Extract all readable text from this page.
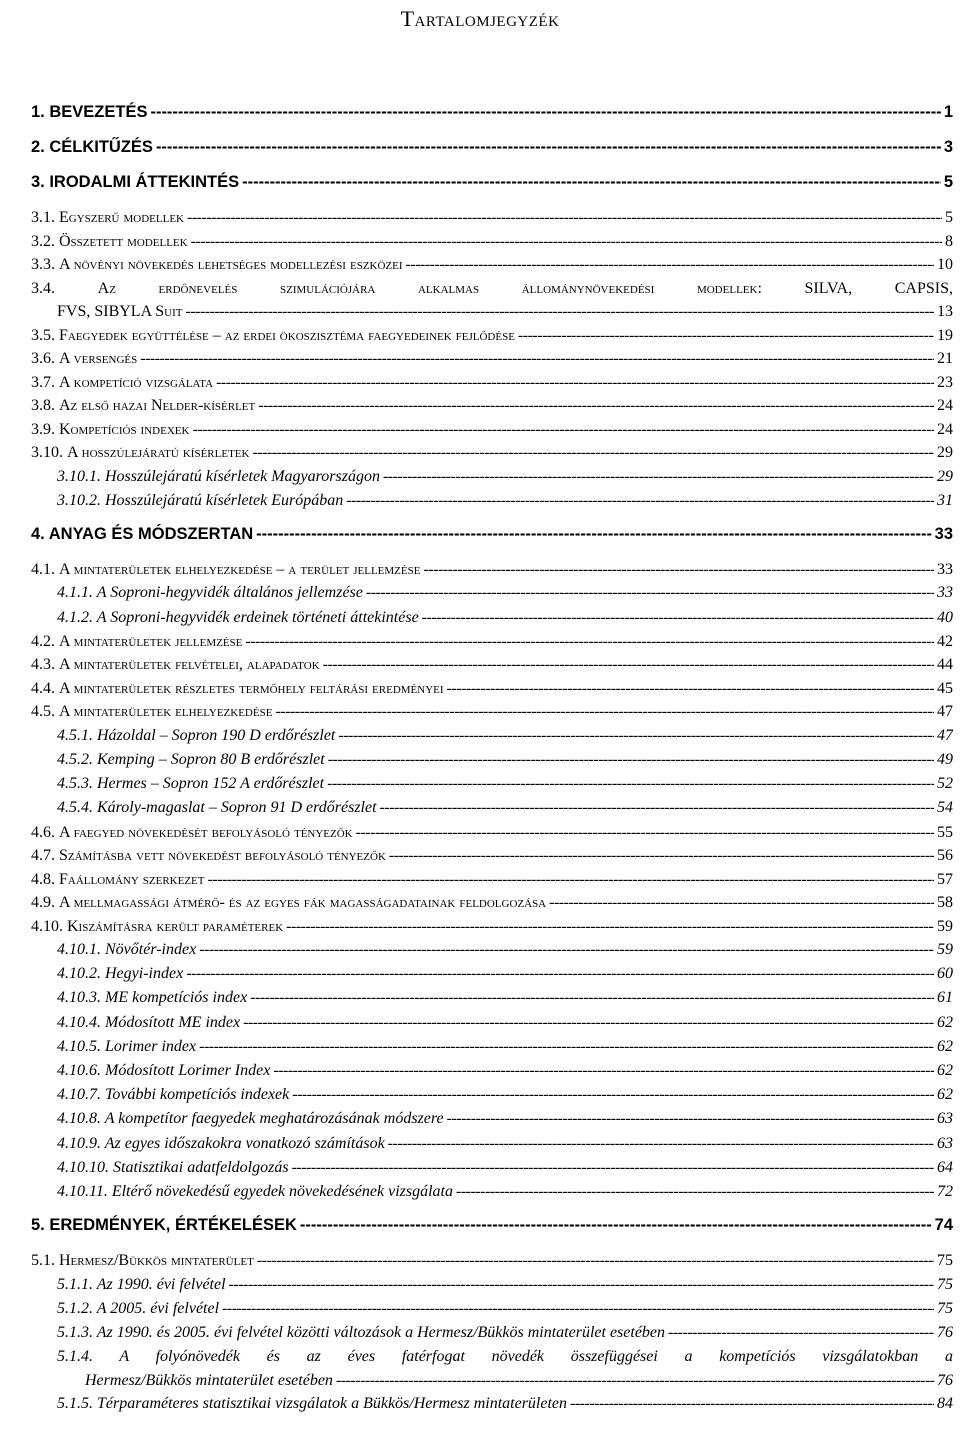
Tartalomjegyzék
1. BEVEZETÉS -----	1
2. CÉLKITŰZÉS -----	3
3. IRODALMI ÁTTEKINTÉS -----	5
3.1. Egyszerű modellek -----	5
3.2. Összetett modellek -----	8
3.3. A növényi növekedés lehetséges modellezési eszközei -----	10
3.4. Az erdőnevelés szimulációjára alkalmas állománynövekedési modellek: SILVA, CAPSIS,
FVS, SIBYLA Suit -----	13
3.5. Faegyedek együttélése – az erdei ökoszisztéma faegyedeinek fejlődése -----	19
3.6. A versengés -----	21
3.7. A kompetíció vizsgálata -----	23
3.8. Az első hazai Nelder-kísérlet -----	24
3.9. Kompetíciós indexek -----	24
3.10. A hosszúlejáratú kísérletek -----	29
3.10.1. Hosszúlejáratú kísérletek Magyarországon -----	29
3.10.2. Hosszúlejáratú kísérletek Európában -----	31
4. ANYAG ÉS MÓDSZERTAN -----	33
4.1. A mintaterületek elhelyezkedése – a terület jellemzése -----	33
4.1.1. A Soproni-hegyvidék általános jellemzése -----	33
4.1.2. A Soproni-hegyvidék erdeinek történeti áttekintése -----	40
4.2. A mintaterületek jellemzése -----	42
4.3. A mintaterületek felvételei, alapadatok -----	44
4.4. A mintaterületek részletes termőhely feltárási eredményei -----	45
4.5. A mintaterületek elhelyezkedése -----	47
4.5.1. Házoldal – Sopron 190 D erdőrészlet -----	47
4.5.2. Kemping – Sopron 80 B erdőrészlet -----	49
4.5.3. Hermes – Sopron 152 A erdőrészlet -----	52
4.5.4. Károly-magaslat – Sopron 91 D erdőrészlet -----	54
4.6. A faegyed növekedését befolyásoló tényezők -----	55
4.7. Számításba vett növekedést befolyásoló tényezők -----	56
4.8. Faállomány szerkezet -----	57
4.9. A mellmagassági átmérő- és az egyes fák magasságadatainak feldolgozása -----	58
4.10. Kiszámításra került paraméterek -----	59
4.10.1. Növőtér-index -----	59
4.10.2. Hegyi-index -----	60
4.10.3. ME kompetíciós index -----	61
4.10.4. Módosított ME index -----	62
4.10.5. Lorimer index -----	62
4.10.6. Módosított Lorimer Index -----	62
4.10.7. További kompetíciós indexek -----	62
4.10.8. A kompetítor faegyedek meghatározásának módszere -----	63
4.10.9. Az egyes időszakokra vonatkozó számítások -----	63
4.10.10. Statisztikai adatfeldolgozás -----	64
4.10.11. Eltérő növekedésű egyedek növekedésének vizsgálata -----	72
5. EREDMÉNYEK, ÉRTÉKELÉSEK -----	74
5.1. Hermesz/Bükkös mintaterület -----	75
5.1.1. Az 1990. évi felvétel -----	75
5.1.2. A 2005. évi felvétel -----	75
5.1.3. Az 1990. és 2005. évi felvétel közötti változások a Hermesz/Bükkös mintaterület esetében -----	76
5.1.4. A folyónövedék és az éves fatérfogat növedék összefüggései a kompetíciós vizsgálatokban a
Hermesz/Bükkös mintaterület esetében -----	76
5.1.5. Térparaméteres statisztikai vizsgálatok a Bükkös/Hermesz mintaterületen -----	84
